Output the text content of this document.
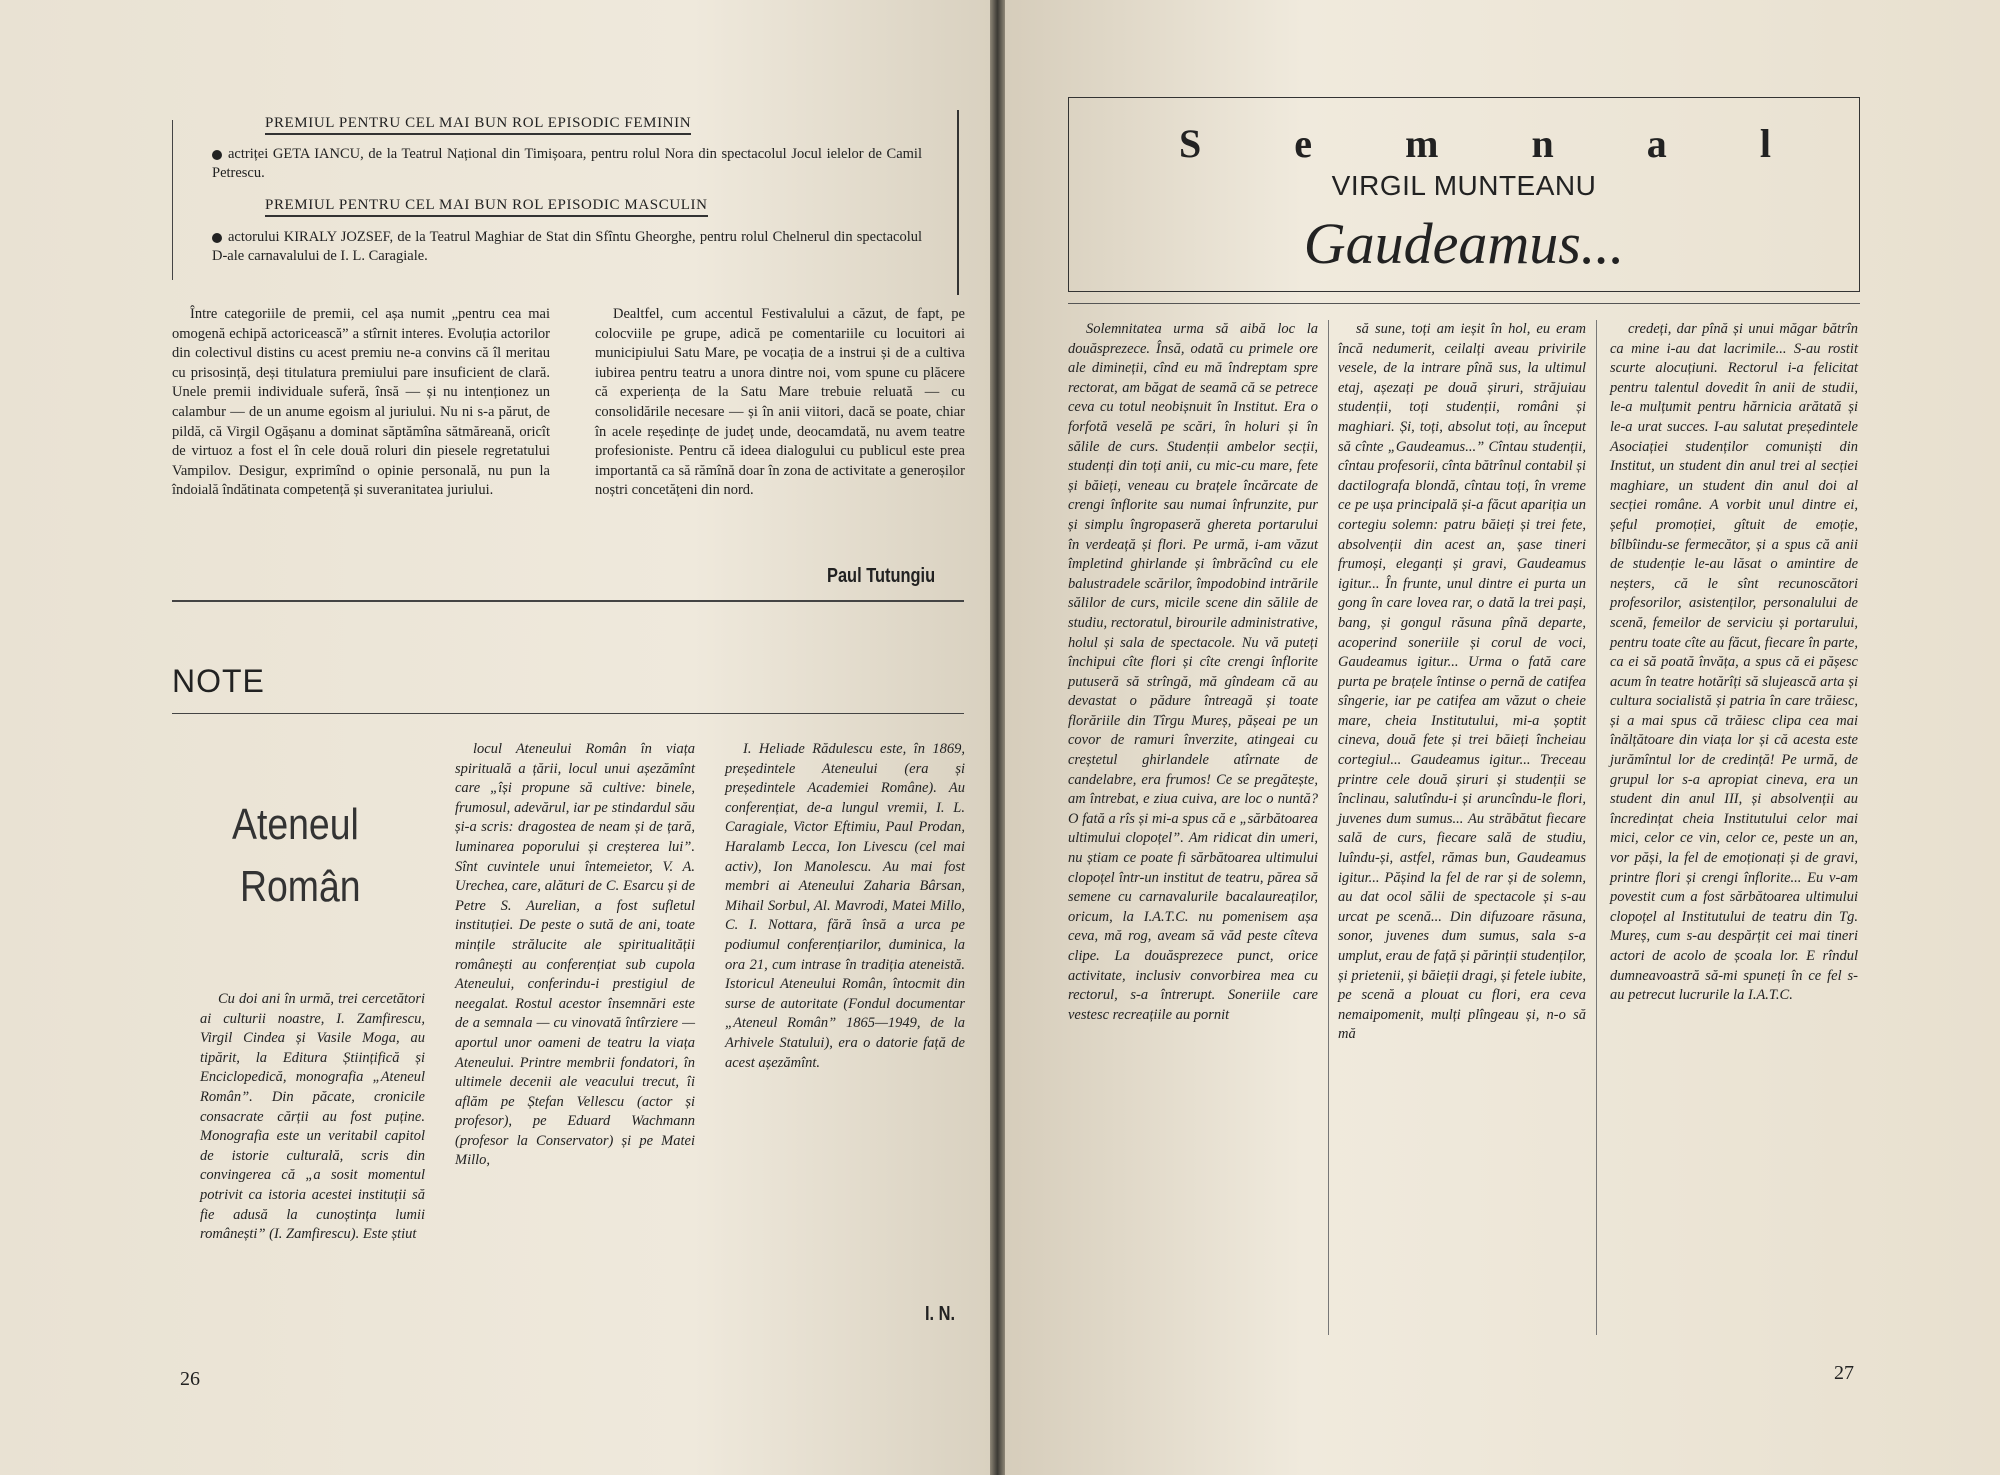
PREMIUL PENTRU CEL MAI BUN ROL EPISODIC FEMININ
actriței GETA IANCU, de la Teatrul Național din Timișoara, pentru rolul Nora din spectacolul Jocul ielelor de Camil Petrescu.
PREMIUL PENTRU CEL MAI BUN ROL EPISODIC MASCULIN
actorului KIRALY JOZSEF, de la Teatrul Maghiar de Stat din Sfîntu Gheorghe, pentru rolul Chelnerul din spectacolul D-ale carnavalului de I. L. Caragiale.

Între categoriile de premii, cel așa numit „pentru cea mai omogenă echipă actoricească” a stîrnit interes. Evoluția actorilor din colectivul distins cu acest premiu ne-a convins că îl meritau cu prisosință, deși titulatura premiului pare insuficient de clară. Unele premii individuale suferă, însă — și nu intenționez un calambur — de un anume egoism al juriului. Nu ni s-a părut, de pildă, că Virgil Ogășanu a dominat săptămîna sătmăreană, oricît de virtuoz a fost el în cele două roluri din piesele regretatului Vampilov. Desigur, exprimînd o opinie personală, nu pun la îndoială îndătinata competență și suveranitatea juriului.

Dealtfel, cum accentul Festivalului a căzut, de fapt, pe colocviile pe grupe, adică pe comentariile cu locuitori ai municipiului Satu Mare, pe vocația de a instrui și de a cultiva iubirea pentru teatru a unora dintre noi, vom spune cu plăcere că experiența de la Satu Mare trebuie reluată — cu consolidările necesare — și în anii viitori, dacă se poate, chiar în acele reședințe de județ unde, deocamdată, nu avem teatre profesioniste. Pentru că ideea dialogului cu publicul este prea importantă ca să rămînă doar în zona de activitate a generoșilor noștri concetățeni din nord.

Paul Tutungiu
NOTE
Ateneul
Român

Cu doi ani în urmă, trei cercetători ai culturii noastre, I. Zamfirescu, Virgil Cindea și Vasile Moga, au tipărit, la Editura Științifică și Enciclopedică, monografia „Ateneul Român”. Din păcate, cronicile consacrate cărții au fost puține. Monografia este un veritabil capitol de istorie culturală, scris din convingerea că „a sosit momentul potrivit ca istoria acestei instituții să fie adusă la cunoștința lumii românești” (I. Zamfirescu). Este știut

locul Ateneului Român în viața spirituală a țării, locul unui așezămînt care „își propune să cultive: binele, frumosul, adevărul, iar pe stindardul său și-a scris: dragostea de neam și de țară, luminarea poporului și creșterea lui”. Sînt cuvintele unui întemeietor, V. A. Urechea, care, alături de C. Esarcu și de Petre S. Aurelian, a fost sufletul instituției. De peste o sută de ani, toate mințile strălucite ale spiritualității românești au conferențiat sub cupola Ateneului, conferindu-i prestigiul de neegalat. Rostul acestor însemnări este de a semnala — cu vinovată întîrziere — aportul unor oameni de teatru la viața Ateneului. Printre membrii fondatori, în ultimele decenii ale veacului trecut, îi aflăm pe Ștefan Vellescu (actor și profesor), pe Eduard Wachmann (profesor la Conservator) și pe Matei Millo,

I. Heliade Rădulescu este, în 1869, președintele Ateneului (era și președintele Academiei Române). Au conferențiat, de-a lungul vremii, I. L. Caragiale, Victor Eftimiu, Paul Prodan, Haralamb Lecca, Ion Livescu (cel mai activ), Ion Manolescu. Au mai fost membri ai Ateneului Zaharia Bârsan, Mihail Sorbul, Al. Mavrodi, Matei Millo, C. I. Nottara, fără însă a urca pe podiumul conferențiarilor, duminica, la ora 21, cum intrase în tradiția ateneistă. Istoricul Ateneului Român, întocmit din surse de autoritate (Fondul documentar „Ateneul Român” 1865—1949, de la Arhivele Statului), era o datorie față de acest așezămînt.

I. N.
26
S e m n a l
VIRGIL MUNTEANU
Gaudeamus...

Solemnitatea urma să aibă loc la douăsprezece. Însă, odată cu primele ore ale dimineții, cînd eu mă îndreptam spre rectorat, am băgat de seamă că se petrece ceva cu totul neobișnuit în Institut. Era o forfotă veselă pe scări, în holuri și în sălile de curs. Studenții ambelor secții, studenți din toți anii, cu mic-cu mare, fete și băieți, veneau cu brațele încărcate de crengi înflorite sau numai înfrunzite, pur și simplu îngropaseră ghereta portarului în verdeață și flori. Pe urmă, i-am văzut împletind ghirlande și îmbrăcînd cu ele balustradele scărilor, împodobind intrările sălilor de curs, micile scene din sălile de studiu, rectoratul, birourile administrative, holul și sala de spectacole. Nu vă puteți închipui cîte flori și cîte crengi înflorite putuseră să strîngă, mă gîndeam că au devastat o pădure întreagă și toate florăriile din Tîrgu Mureș, pășeai pe un covor de ramuri înverzite, atingeai cu creștetul ghirlandele atîrnate de candelabre, era frumos! Ce se pregătește, am întrebat, e ziua cuiva, are loc o nuntă? O fată a rîs și mi-a spus că e „sărbătoarea ultimului clopoțel”. Am ridicat din umeri, nu știam ce poate fi sărbătoarea ultimului clopoțel într-un institut de teatru, părea să semene cu carnavalurile bacalaureaților, oricum, la I.A.T.C. nu pomenisem așa ceva, mă rog, aveam să văd peste cîteva clipe. La douăsprezece punct, orice activitate, inclusiv convorbirea mea cu rectorul, s-a întrerupt. Soneriile care vestesc recreațiile au pornit

să sune, toți am ieșit în hol, eu eram încă nedumerit, ceilalți aveau privirile vesele, de la intrare pînă sus, la ultimul etaj, așezați pe două șiruri, străjuiau studenții, toți studenții, români și maghiari. Și, toți, absolut toți, au început să cînte „Gaudeamus...” Cîntau studenții, cîntau profesorii, cînta bătrînul contabil și dactilografa blondă, cîntau toți, în vreme ce pe ușa principală și-a făcut apariția un cortegiu solemn: patru băieți și trei fete, absolvenții din acest an, șase tineri frumoși, eleganți și gravi, Gaudeamus igitur... În frunte, unul dintre ei purta un gong în care lovea rar, o dată la trei pași, bang, și gongul răsuna pînă departe, acoperind soneriile și corul de voci, Gaudeamus igitur... Urma o fată care purta pe brațele întinse o pernă de catifea sîngerie, iar pe catifea am văzut o cheie mare, cheia Institutului, mi-a șoptit cineva, două fete și trei băieți încheiau cortegiul... Gaudeamus igitur... Treceau printre cele două șiruri și studenții se înclinau, salutîndu-i și aruncîndu-le flori, juvenes dum sumus... Au străbătut fiecare sală de curs, fiecare sală de studiu, luîndu-și, astfel, rămas bun, Gaudeamus igitur... Pășind la fel de rar și de solemn, au dat ocol sălii de spectacole și s-au urcat pe scenă... Din difuzoare răsuna, sonor, juvenes dum sumus, sala s-a umplut, erau de față și părinții studenților, și prietenii, și băieții dragi, și fetele iubite, pe scenă a plouat cu flori, era ceva nemaipomenit, mulți plîngeau și, n-o să mă

credeți, dar pînă și unui măgar bătrîn ca mine i-au dat lacrimile... S-au rostit scurte alocuțiuni. Rectorul i-a felicitat pentru talentul dovedit în anii de studii, le-a mulțumit pentru hărnicia arătată și le-a urat succes. I-au salutat președintele Asociației studenților comuniști din Institut, un student din anul trei al secției maghiare, un student din anul doi al secției române. A vorbit unul dintre ei, șeful promoției, gîtuit de emoție, bîlbîindu-se fermecător, și a spus că anii de studenție le-au lăsat o amintire de neșters, că le sînt recunoscători profesorilor, asistenților, personalului de scenă, femeilor de serviciu și portarului, pentru toate cîte au făcut, fiecare în parte, ca ei să poată învăța, a spus că ei pășesc acum în teatre hotărîți să slujească arta și cultura socialistă și patria în care trăiesc, și a mai spus că trăiesc clipa cea mai înălțătoare din viața lor și că acesta este jurămîntul lor de credință! Pe urmă, de grupul lor s-a apropiat cineva, era un student din anul III, și absolvenții au încredințat cheia Institutului celor mai mici, celor ce vin, celor ce, peste un an, vor păși, la fel de emoționați și de gravi, printre flori și crengi înflorite... Eu v-am povestit cum a fost sărbătoarea ultimului clopoțel al Institutului de teatru din Tg. Mureș, cum s-au despărțit cei mai tineri actori de acolo de școala lor. E rîndul dumneavoastră să-mi spuneți în ce fel s-au petrecut lucrurile la I.A.T.C.

27
